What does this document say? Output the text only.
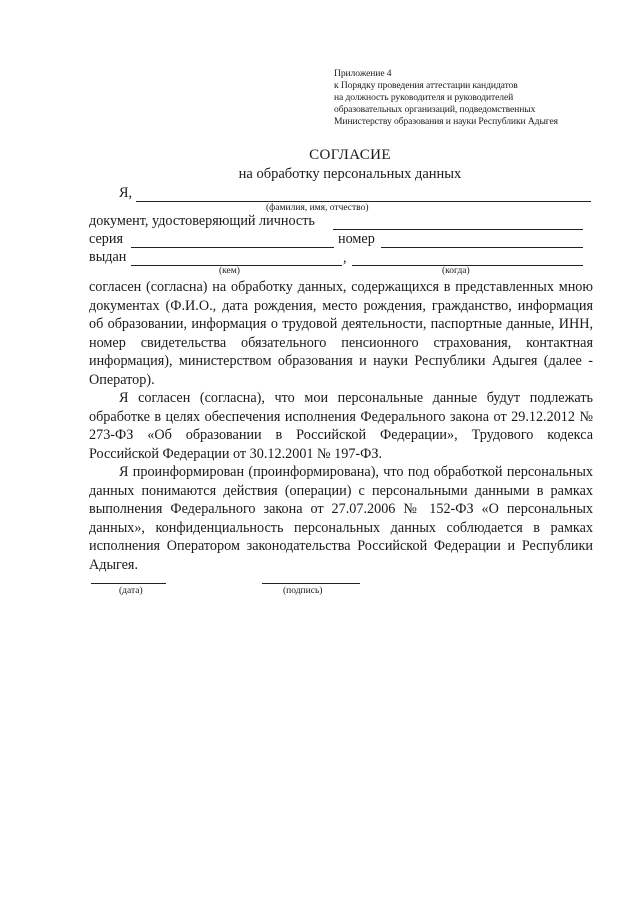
Приложение 4
к Порядку проведения аттестации кандидатов
на должность руководителя и руководителей
образовательных организаций, подведомственных
Министерству образования и науки Республики Адыгея
СОГЛАСИЕ
на обработку персональных данных
Я,
(фамилия, имя, отчество)
документ, удостоверяющий личность
серия	номер
выдан	,
(кем)	(когда)

согласен (согласна) на обработку данных, содержащихся в представленных мною документах (Ф.И.О., дата рождения, место рождения, гражданство, информация об образовании, информация о трудовой деятельности, паспортные данные, ИНН, номер свидетельства обязательного пенсионного страхования, контактная информация), министерством образования и науки Республики Адыгея (далее - Оператор).

Я согласен (согласна), что мои персональные данные будут подлежать обработке в целях обеспечения исполнения Федерального закона от 29.12.2012 № 273-ФЗ «Об образовании в Российской Федерации», Трудового кодекса Российской Федерации от 30.12.2001 № 197-ФЗ.

Я проинформирован (проинформирована), что под обработкой персональных данных понимаются действия (операции) с персональными данными в рамках выполнения Федерального закона от 27.07.2006 № 152-ФЗ «О персональных данных», конфиденциальность персональных данных соблюдается в рамках исполнения Оператором законодательства Российской Федерации и Республики Адыгея.

(дата)	(подпись)
